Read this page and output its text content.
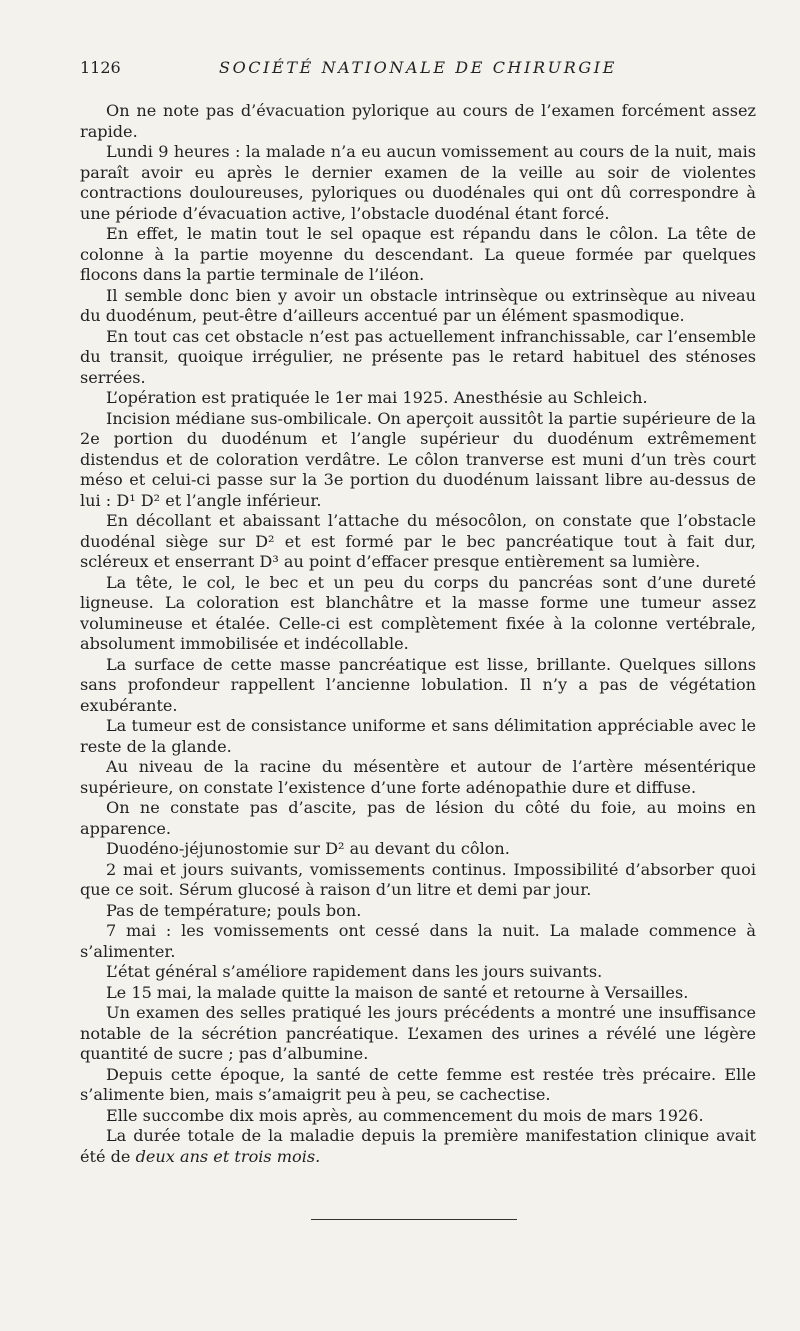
1126	SOCIÉTÉ NATIONALE DE CHIRURGIE

On ne note pas d’évacuation pylorique au cours de l’examen forcément assez rapide.

Lundi 9 heures : la malade n’a eu aucun vomissement au cours de la nuit, mais paraît avoir eu après le dernier examen de la veille au soir de violentes contractions douloureuses, pyloriques ou duodénales qui ont dû correspondre à une période d’évacuation active, l’obstacle duodénal étant forcé.

En effet, le matin tout le sel opaque est répandu dans le côlon. La tête de colonne à la partie moyenne du descendant. La queue formée par quelques flocons dans la partie terminale de l’iléon.

Il semble donc bien y avoir un obstacle intrinsèque ou extrinsèque au niveau du duodénum, peut-être d’ailleurs accentué par un élément spasmodique.

En tout cas cet obstacle n’est pas actuellement infranchissable, car l’ensemble du transit, quoique irrégulier, ne présente pas le retard habituel des sténoses serrées.

L’opération est pratiquée le 1er mai 1925. Anesthésie au Schleich.

Incision médiane sus-ombilicale. On aperçoit aussitôt la partie supérieure de la 2e portion du duodénum et l’angle supérieur du duodénum extrêmement distendus et de coloration verdâtre. Le côlon tranverse est muni d’un très court méso et celui-ci passe sur la 3e portion du duodénum laissant libre au-dessus de lui : D¹ D² et l’angle inférieur.

En décollant et abaissant l’attache du mésocôlon, on constate que l’obstacle duodénal siège sur D² et est formé par le bec pancréatique tout à fait dur, scléreux et enserrant D³ au point d’effacer presque entièrement sa lumière.

La tête, le col, le bec et un peu du corps du pancréas sont d’une dureté ligneuse. La coloration est blanchâtre et la masse forme une tumeur assez volumineuse et étalée. Celle-ci est complètement fixée à la colonne vertébrale, absolument immobilisée et indécollable.

La surface de cette masse pancréatique est lisse, brillante. Quelques sillons sans profondeur rappellent l’ancienne lobulation. Il n’y a pas de végétation exubérante.

La tumeur est de consistance uniforme et sans délimitation appréciable avec le reste de la glande.

Au niveau de la racine du mésentère et autour de l’artère mésentérique supérieure, on constate l’existence d’une forte adénopathie dure et diffuse.

On ne constate pas d’ascite, pas de lésion du côté du foie, au moins en apparence.

Duodéno-jéjunostomie sur D² au devant du côlon.

2 mai et jours suivants, vomissements continus. Impossibilité d’absorber quoi que ce soit. Sérum glucosé à raison d’un litre et demi par jour.

Pas de température; pouls bon.

7 mai : les vomissements ont cessé dans la nuit. La malade commence à s’alimenter.

L’état général s’améliore rapidement dans les jours suivants.

Le 15 mai, la malade quitte la maison de santé et retourne à Versailles.

Un examen des selles pratiqué les jours précédents a montré une insuffisance notable de la sécrétion pancréatique. L’examen des urines a révélé une légère quantité de sucre ; pas d’albumine.

Depuis cette époque, la santé de cette femme est restée très précaire. Elle s’alimente bien, mais s’amaigrit peu à peu, se cachectise.

Elle succombe dix mois après, au commencement du mois de mars 1926.

La durée totale de la maladie depuis la première manifestation clinique avait été de deux ans et trois mois.
